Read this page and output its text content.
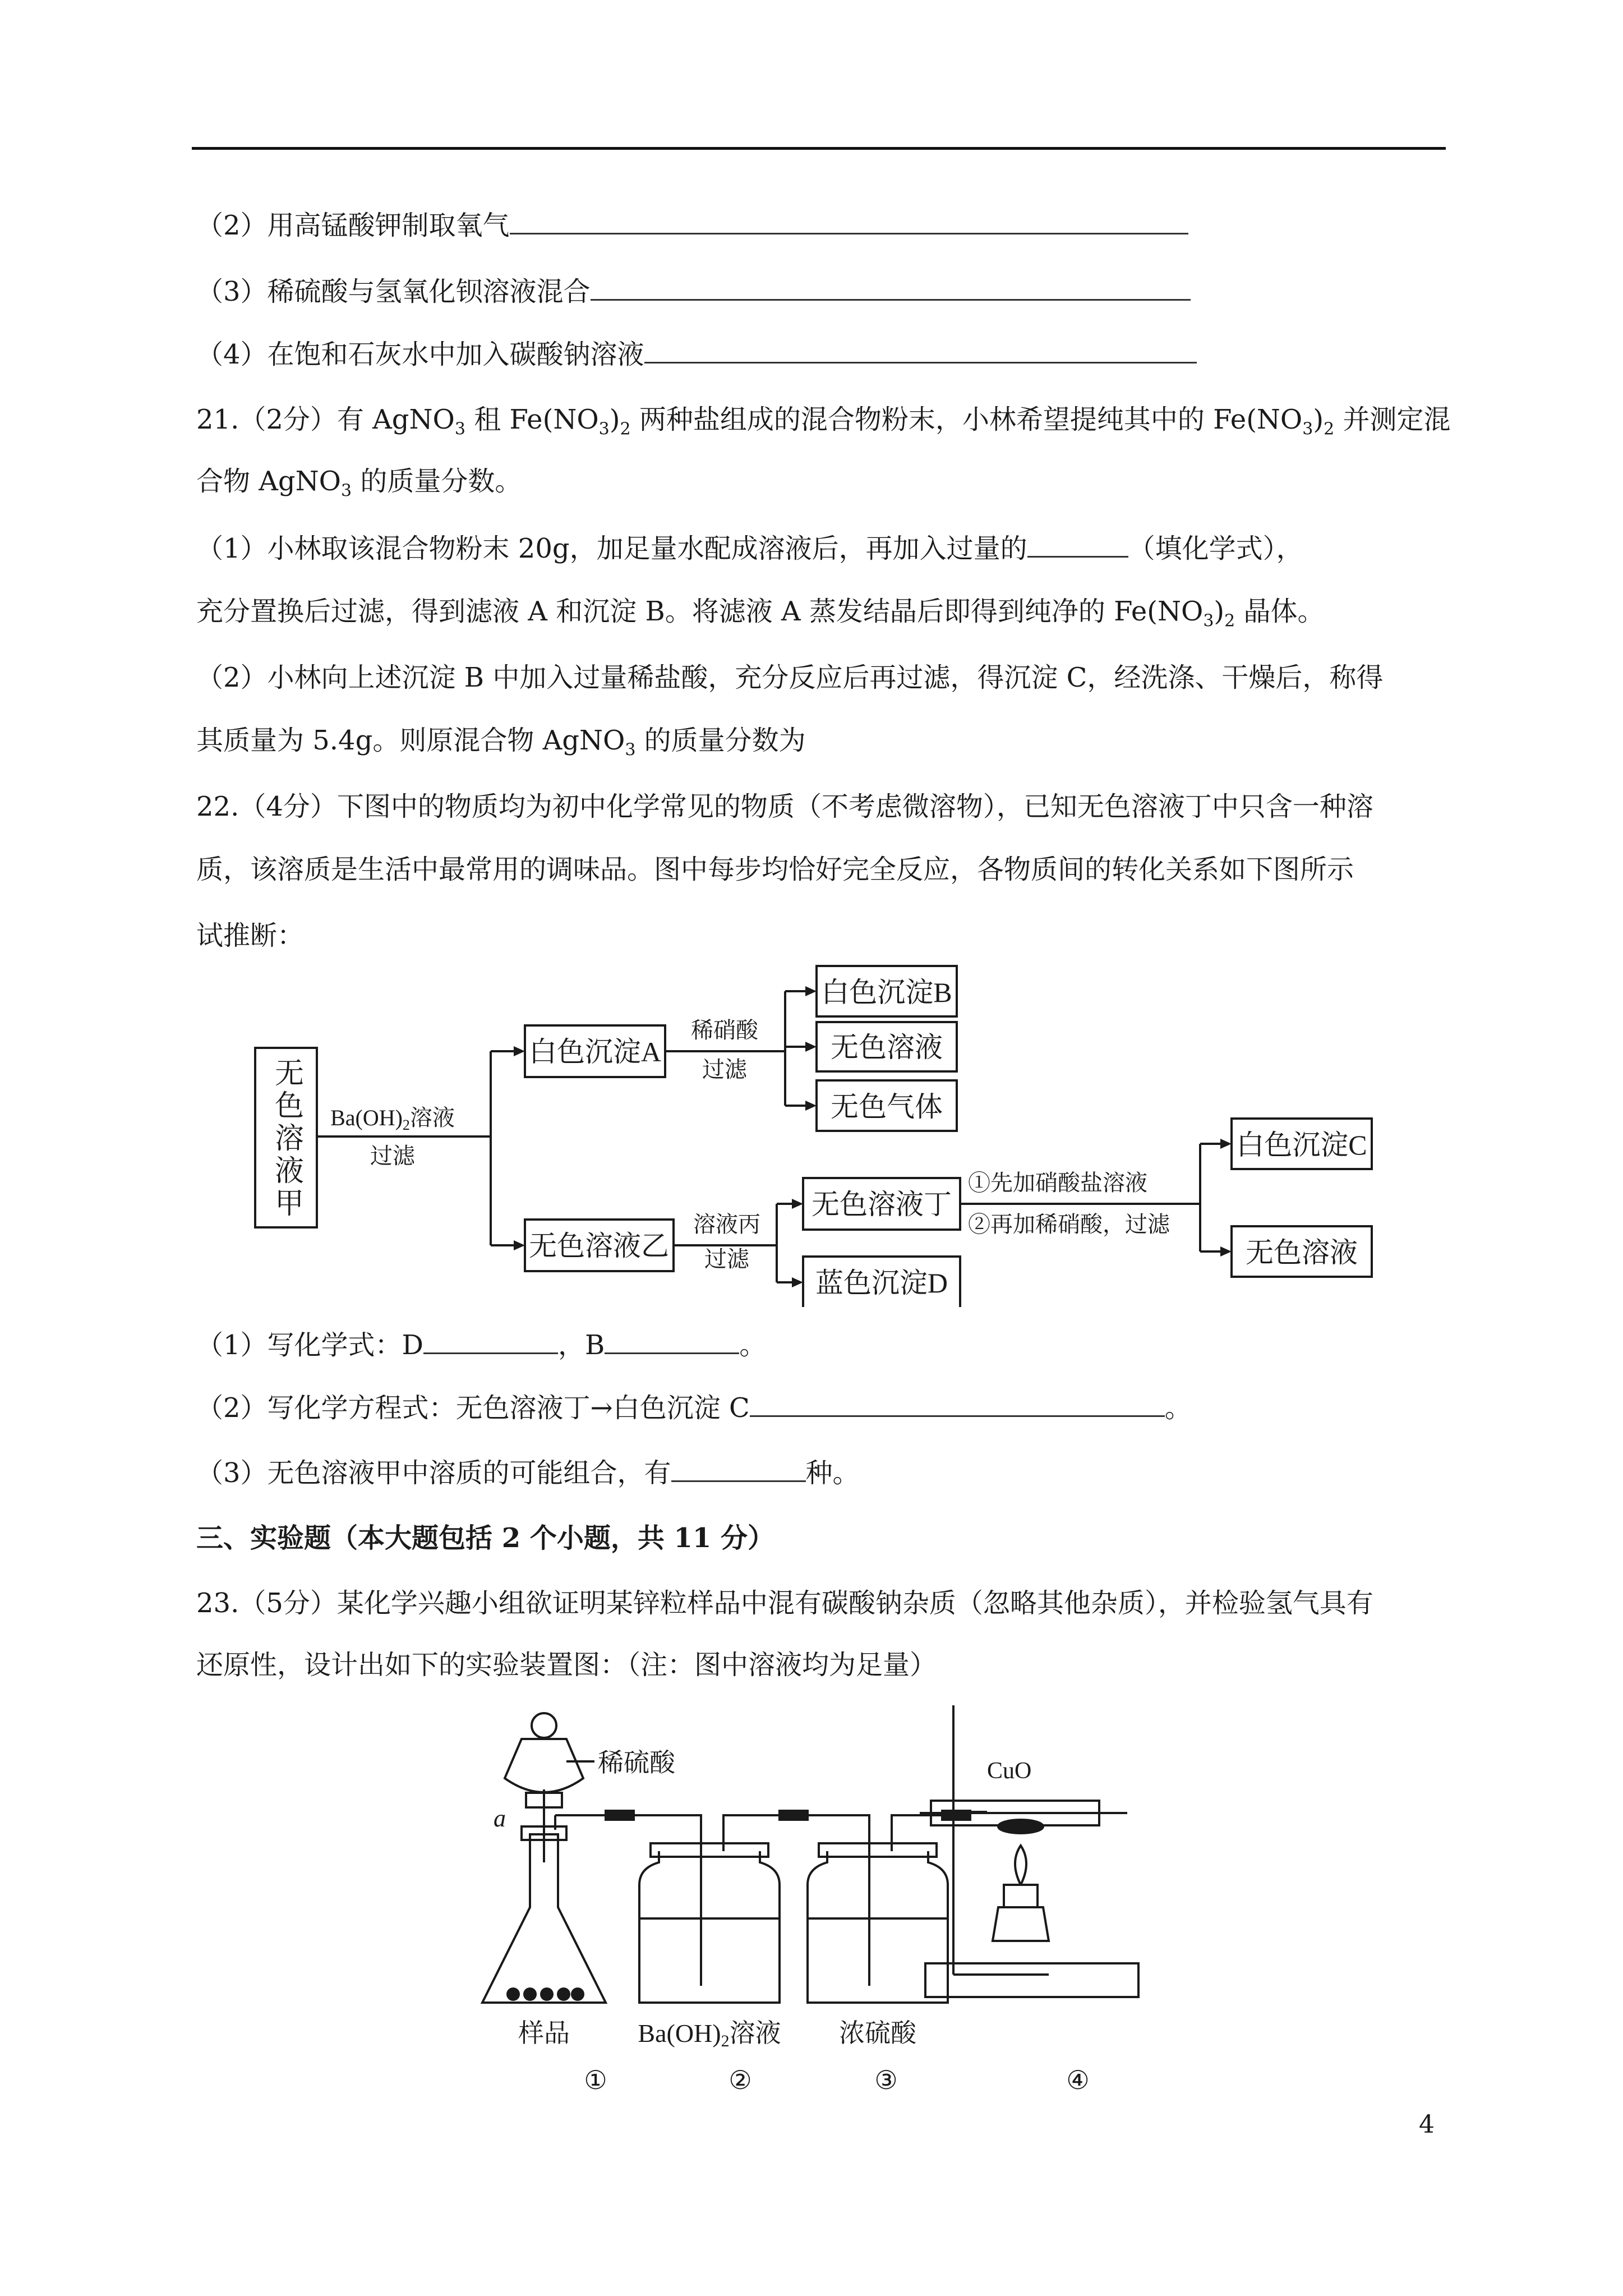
（2）用高锰酸钾制取氧气
（3）稀硫酸与氢氧化钡溶液混合
（4）在饱和石灰水中加入碳酸钠溶液
21.（2分）有 AgNO$_3$ 租 $Fe(NO_3)_2$ 两种盐组成的混合物粉末，小林希望提纯其中的 $Fe(NO_3)_2$ 并测定混
合物 AgNO$_3$ 的质量分数。
（1）小林取该混合物粉末 20g，加足量水配成溶液后，再加入过量的	（填化学式），
充分置换后过滤，得到滤液 A 和沉淀 B。将滤液 A 蒸发结晶后即得到纯净的 $Fe(NO_3)_2$ 晶体。
（2）小林向上述沉淀 B 中加入过量稀盐酸，充分反应后再过滤，得沉淀 C，经洗涤、干燥后，称得
其质量为 5.4g。则原混合物 AgNO$_3$ 的质量分数为
22.（4分）下图中的物质均为初中化学常见的物质（不考虑微溶物），已知无色溶液丁中只含一种溶
质，该溶质是生活中最常用的调味品。图中每步均恰好完全反应，各物质间的转化关系如下图所示
试推断：
无色溶液甲
白色沉淀A
无色溶液乙
白色沉淀B
无色溶液
无色气体
无色溶液丁
蓝色沉淀D
白色沉淀C
无色溶液
$Ba(OH)_2$溶液
过滤
稀硝酸
过滤
溶液丙
过滤
①先加硝酸盐溶液
②再加稀硝酸，过滤
（1）写化学式：D	，B	。
（2）写化学方程式：无色溶液丁→白色沉淀 C	。
（3）无色溶液甲中溶质的可能组合，有	种。
三、实验题（本大题包括 2 个小题，共 11 分）
23.（5分）某化学兴趣小组欲证明某锌粒样品中混有碳酸钠杂质（忽略其他杂质），并检验氢气具有
还原性，设计出如下的实验装置图：（注：图中溶液均为足量）
稀硫酸
a
CuO
样品	Ba(OH)2溶液 浓硫酸
①	②	③	④
4
